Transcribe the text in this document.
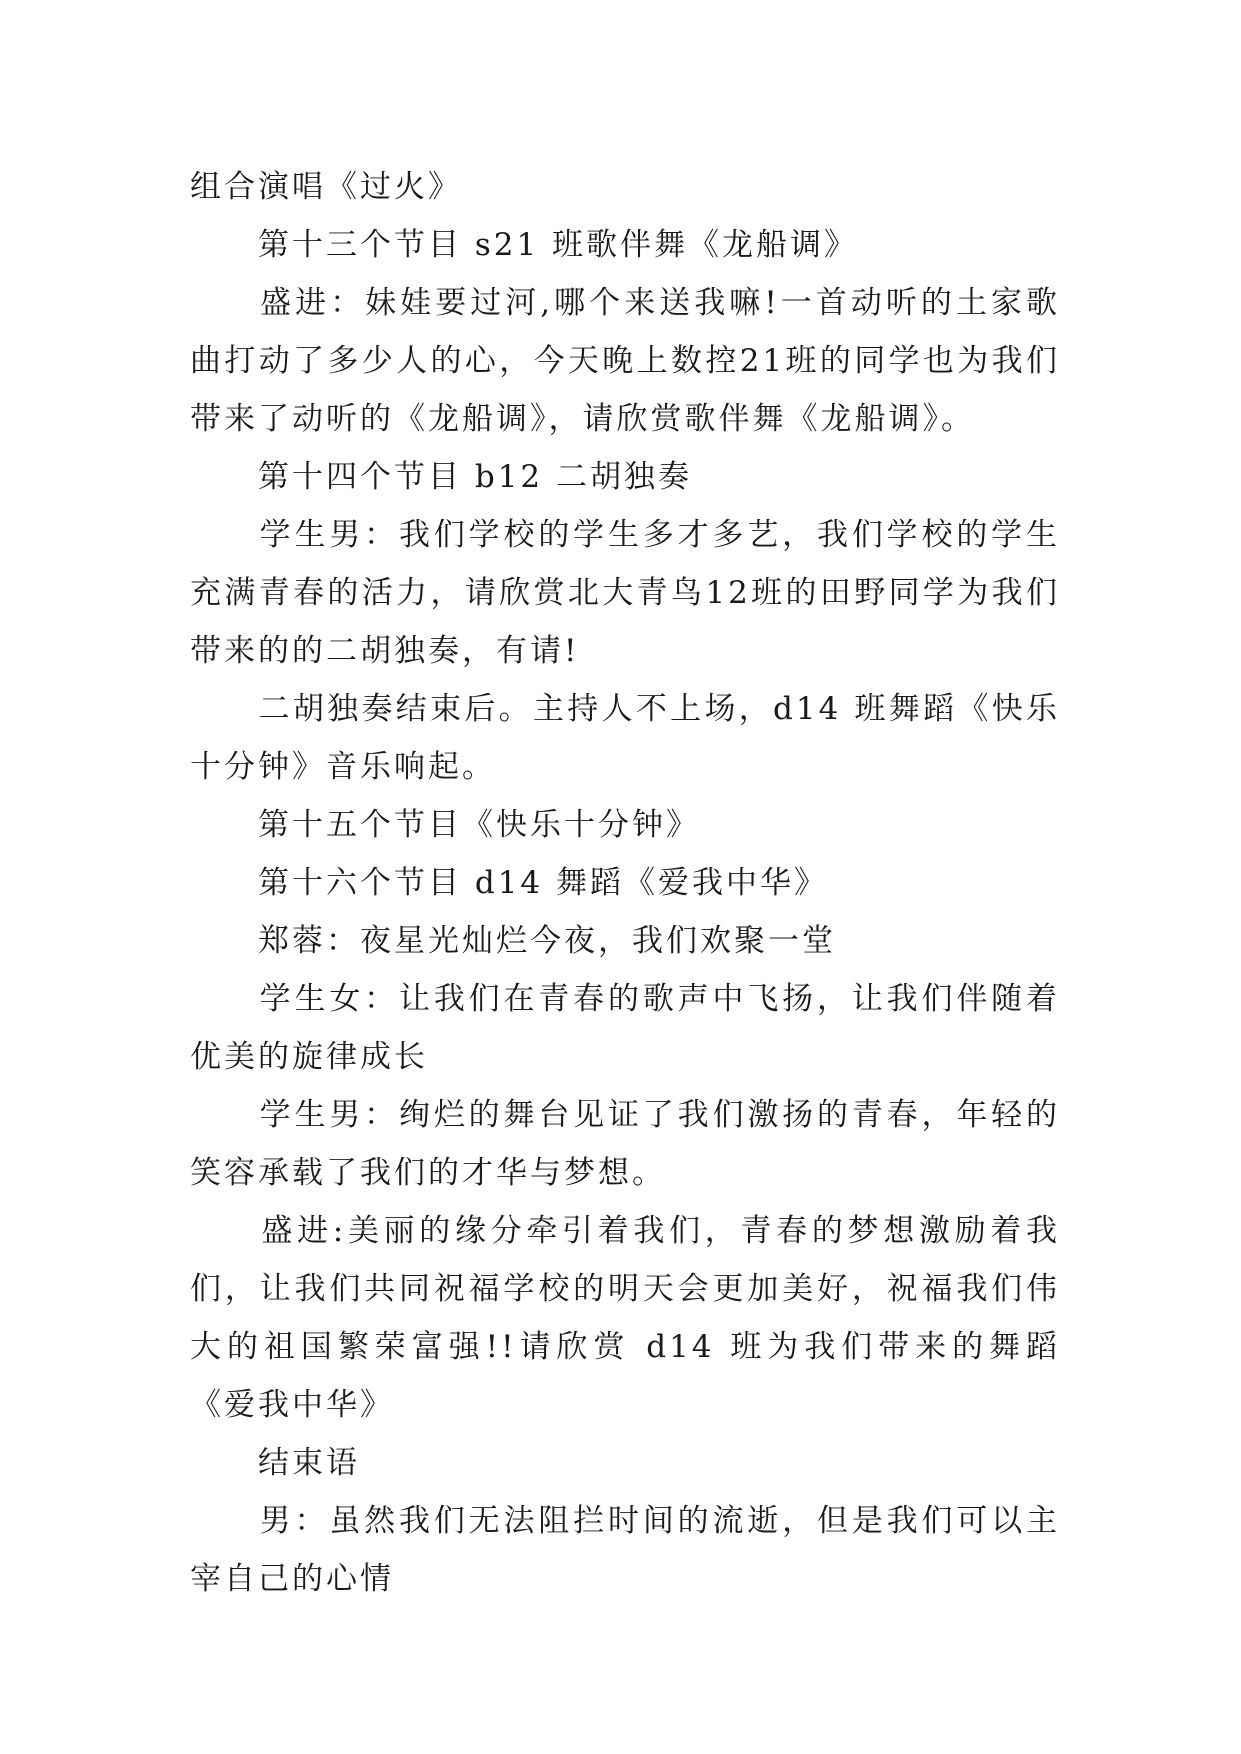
组合演唱《过火》

　　第十三个节目 s21 班歌伴舞《龙船调》

　　盛进：妹娃要过河,哪个来送我嘛!一首动听的土家歌曲打动了多少人的心，今天晚上数控21班的同学也为我们带来了动听的《龙船调》，请欣赏歌伴舞《龙船调》。

　　第十四个节目 b12 二胡独奏

　　学生男：我们学校的学生多才多艺，我们学校的学生充满青春的活力，请欣赏北大青鸟12班的田野同学为我们带来的的二胡独奏，有请!

　　二胡独奏结束后。主持人不上场，d14 班舞蹈《快乐十分钟》音乐响起。

　　第十五个节目《快乐十分钟》

　　第十六个节目 d14 舞蹈《爱我中华》

　　郑蓉：夜星光灿烂今夜，我们欢聚一堂

　　学生女：让我们在青春的歌声中飞扬，让我们伴随着优美的旋律成长

　　学生男：绚烂的舞台见证了我们激扬的青春，年轻的笑容承载了我们的才华与梦想。

　　盛进:美丽的缘分牵引着我们，青春的梦想激励着我们，让我们共同祝福学校的明天会更加美好，祝福我们伟大的祖国繁荣富强!!请欣赏 d14 班为我们带来的舞蹈《爱我中华》

　　结束语

　　男：虽然我们无法阻拦时间的流逝，但是我们可以主宰自己的心情
